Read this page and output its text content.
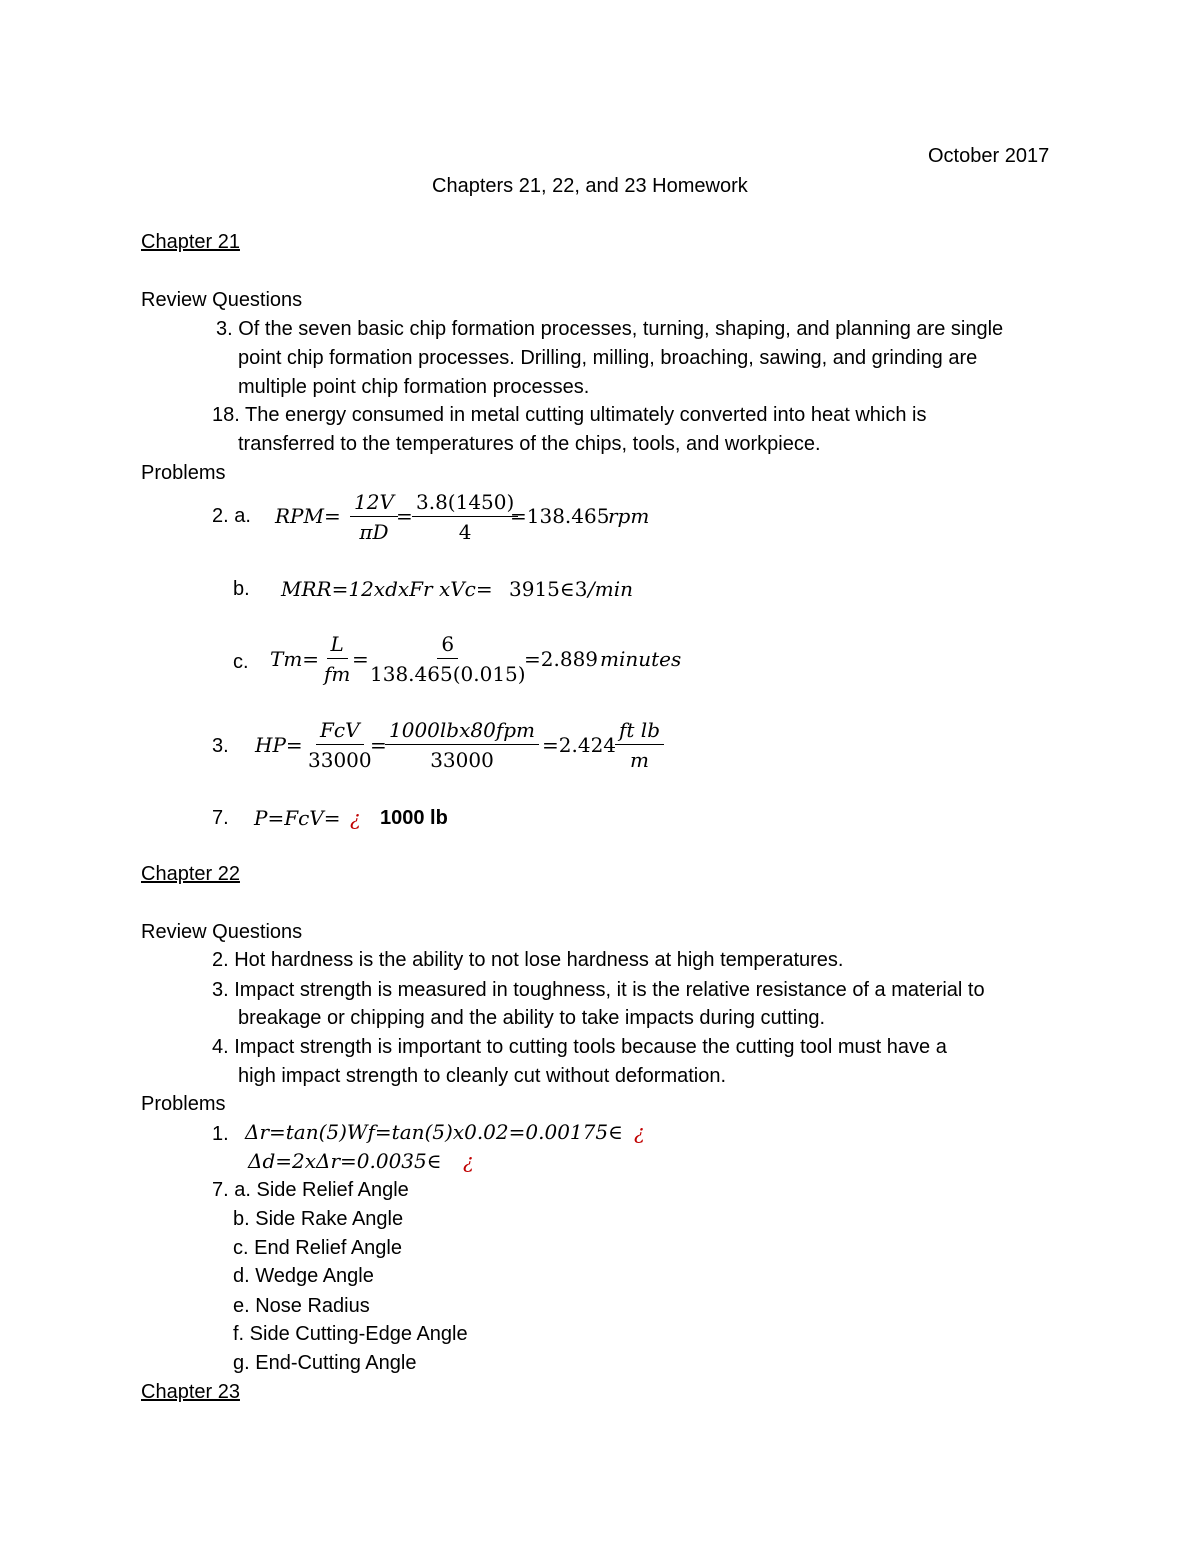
October 2017
Chapters 21, 22, and 23 Homework
Chapter 21
Review Questions
3. Of the seven basic chip formation processes, turning, shaping, and planning are single
point chip formation processes. Drilling, milling, broaching, sawing, and grinding are
multiple point chip formation processes.
18. The energy consumed in metal cutting ultimately converted into heat which is
transferred to the temperatures of the chips, tools, and workpiece.
Problems
2. a. $RPM= \frac{12V}{\pi D}$
= $\frac{3.8(1450)}{4}$
=138.465
rpm
b. MRR=12xdxFr xVc= 3915∈3 /min
c. $Tm= \frac{L}{fm}$
=
$\frac{6}{138.465(0.015)}$
=2.889 minutes
3. HP=
FcV
33000
=
1000lbx80fpm
33000
=2.424
$\frac{\text{ft lb}}{m}$
7. P=FcV= ¿ 1000 lb
Chapter 22
Review Questions
2. Hot hardness is the ability to not lose hardness at high temperatures.
3. Impact strength is measured in toughness, it is the relative resistance of a material to
breakage or chipping and the ability to take impacts during cutting.
4. Impact strength is important to cutting tools because the cutting tool must have a
high impact strength to cleanly cut without deformation.
Problems
1. Δr=tan(5)Wf=tan(5)x0.02=0.00175∈ ¿
Δd=2xΔr=0.0035∈ ¿
7. a. Side Relief Angle
b. Side Rake Angle
c. End Relief Angle
d. Wedge Angle
e. Nose Radius
f. Side Cutting-Edge Angle
g. End-Cutting Angle
Chapter 23
